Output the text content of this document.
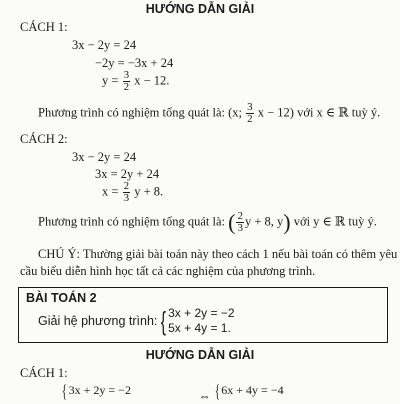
HƯỚNG DẪN GIẢI
CÁCH 1:
3x − 2y = 24
−2y = −3x + 24
$y = \frac{3}{2}$ x − 12.
Phương trình có nghiệm tổng quát là: (x; $\frac{3}{2}$ x − 12) với x ∈ ℝ tuỳ ý.
CÁCH 2:
3x − 2y = 24
3x = 2y + 24
$x = \frac{2}{3}$ y + 8.
Phương trình có nghiệm tổng quát là: ( $\frac{2}{3}$ y + 8, y) với y ∈ ℝ tuỳ ý.
CHÚ Ý: Thường giải bài toán này theo cách 1 nếu bài toán có thêm yêu
cầu biểu diễn hình học tất cả các nghiệm của phương trình.
BÀI TOÁN 2
Giải hệ phương trình: { 3x + 2y = −2
5x + 4y = 1.
HƯỚNG DẪN GIẢI
CÁCH 1:
{ 3x + 2y = −2	⇔ { 6x + 4y = −4
